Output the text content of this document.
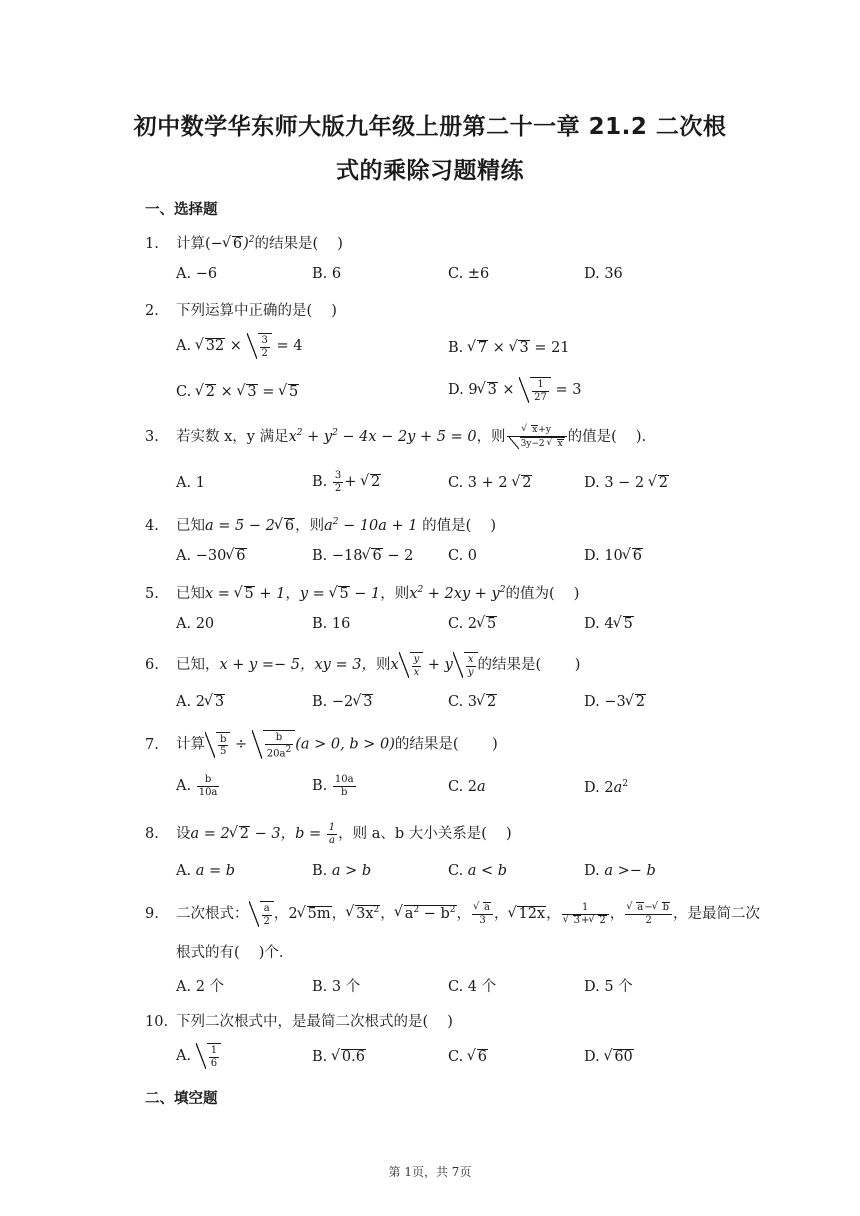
初中数学华东师大版九年级上册第二十一章 21.2 二次根
式的乘除习题精练
一、选择题
1. 计算(− √ 6)$^2$的结果是(　 )
A. −6	B. 6	C. ±6	D. 36
2. 下列运算中正确的是(　 )
A. √ $32 \times \frac{3}{2} = 4$	B. √ 7 × √ 3 = 21
C. √ 2 × √ 3 = √ 5	D. 9 √ $3 \times \frac{1}{27} = 3$
3. 若实数 x，y 满足$x^2 + y^2 - 4x - 2y + 5 = 0$，则 √ $\frac{x+y}{3y-2 √ x}$ 的值是(　 ).
A. 1	B. $\frac{3}{2}$ + √ 2	C. 3 + 2 √ 2	D. 3 − 2 √ 2
4. 已知a = 5 − 2 √ 6，则$a^2 - 10a + 1$ 的值是(　 )
A. −30 √ 6	B. −18 √ 6 − 2 C. 0	D. 10 √ 6
5. 已知x = √ 5 + 1，y = √ 5 − 1，则$x^2 + 2xy + y^2$的值为(　 )
A. 20	B. 16	C. 2 √ 5	D. 4 √ 5
6. 已知，x + y =− 5，xy = 3，则x $\frac{y}{x} + y \frac{x}{y}$ 的结果是(　 　)
A. 2 √ 3	B. −2 √ 3	C. 3 √ 2	D. −3 √ 2
7. 计算 $\frac{b}{5} \div \frac{b}{20a^2} (a > 0$, b > 0)的结果是(　 　)
A. $\frac{b}{10a}$	B. $\frac{10a}{b}$	C. 2a	D. $2a^2$
8. 设a = 2 √ 2 − 3，$b = \frac{1}{a}$ ，则 a、b 大小关系是(　 )
A. a = b	B. a > b	C. a < b	D. a >− b
9. 二次根式： $\frac{a}{2}$ ，2 √ 5m， √ $3x^2$， √ $a^2 - b^2$， √ $\frac{a}{3}$ ， √ 12x， 1
√ 3+ √ 2 ， √ $\frac{a- √ b}{2}$ ，是最简二次
根式的有(　 )个.
A. 2 个	B. 3 个	C. 4 个	D. 5 个
10. 下列二次根式中，是最简二次根式的是(　 )
A. $\frac{1}{6}$	B. √ 0.6	C. √ 6	D. √ 60
二、填空题
第 1页，共 7页
